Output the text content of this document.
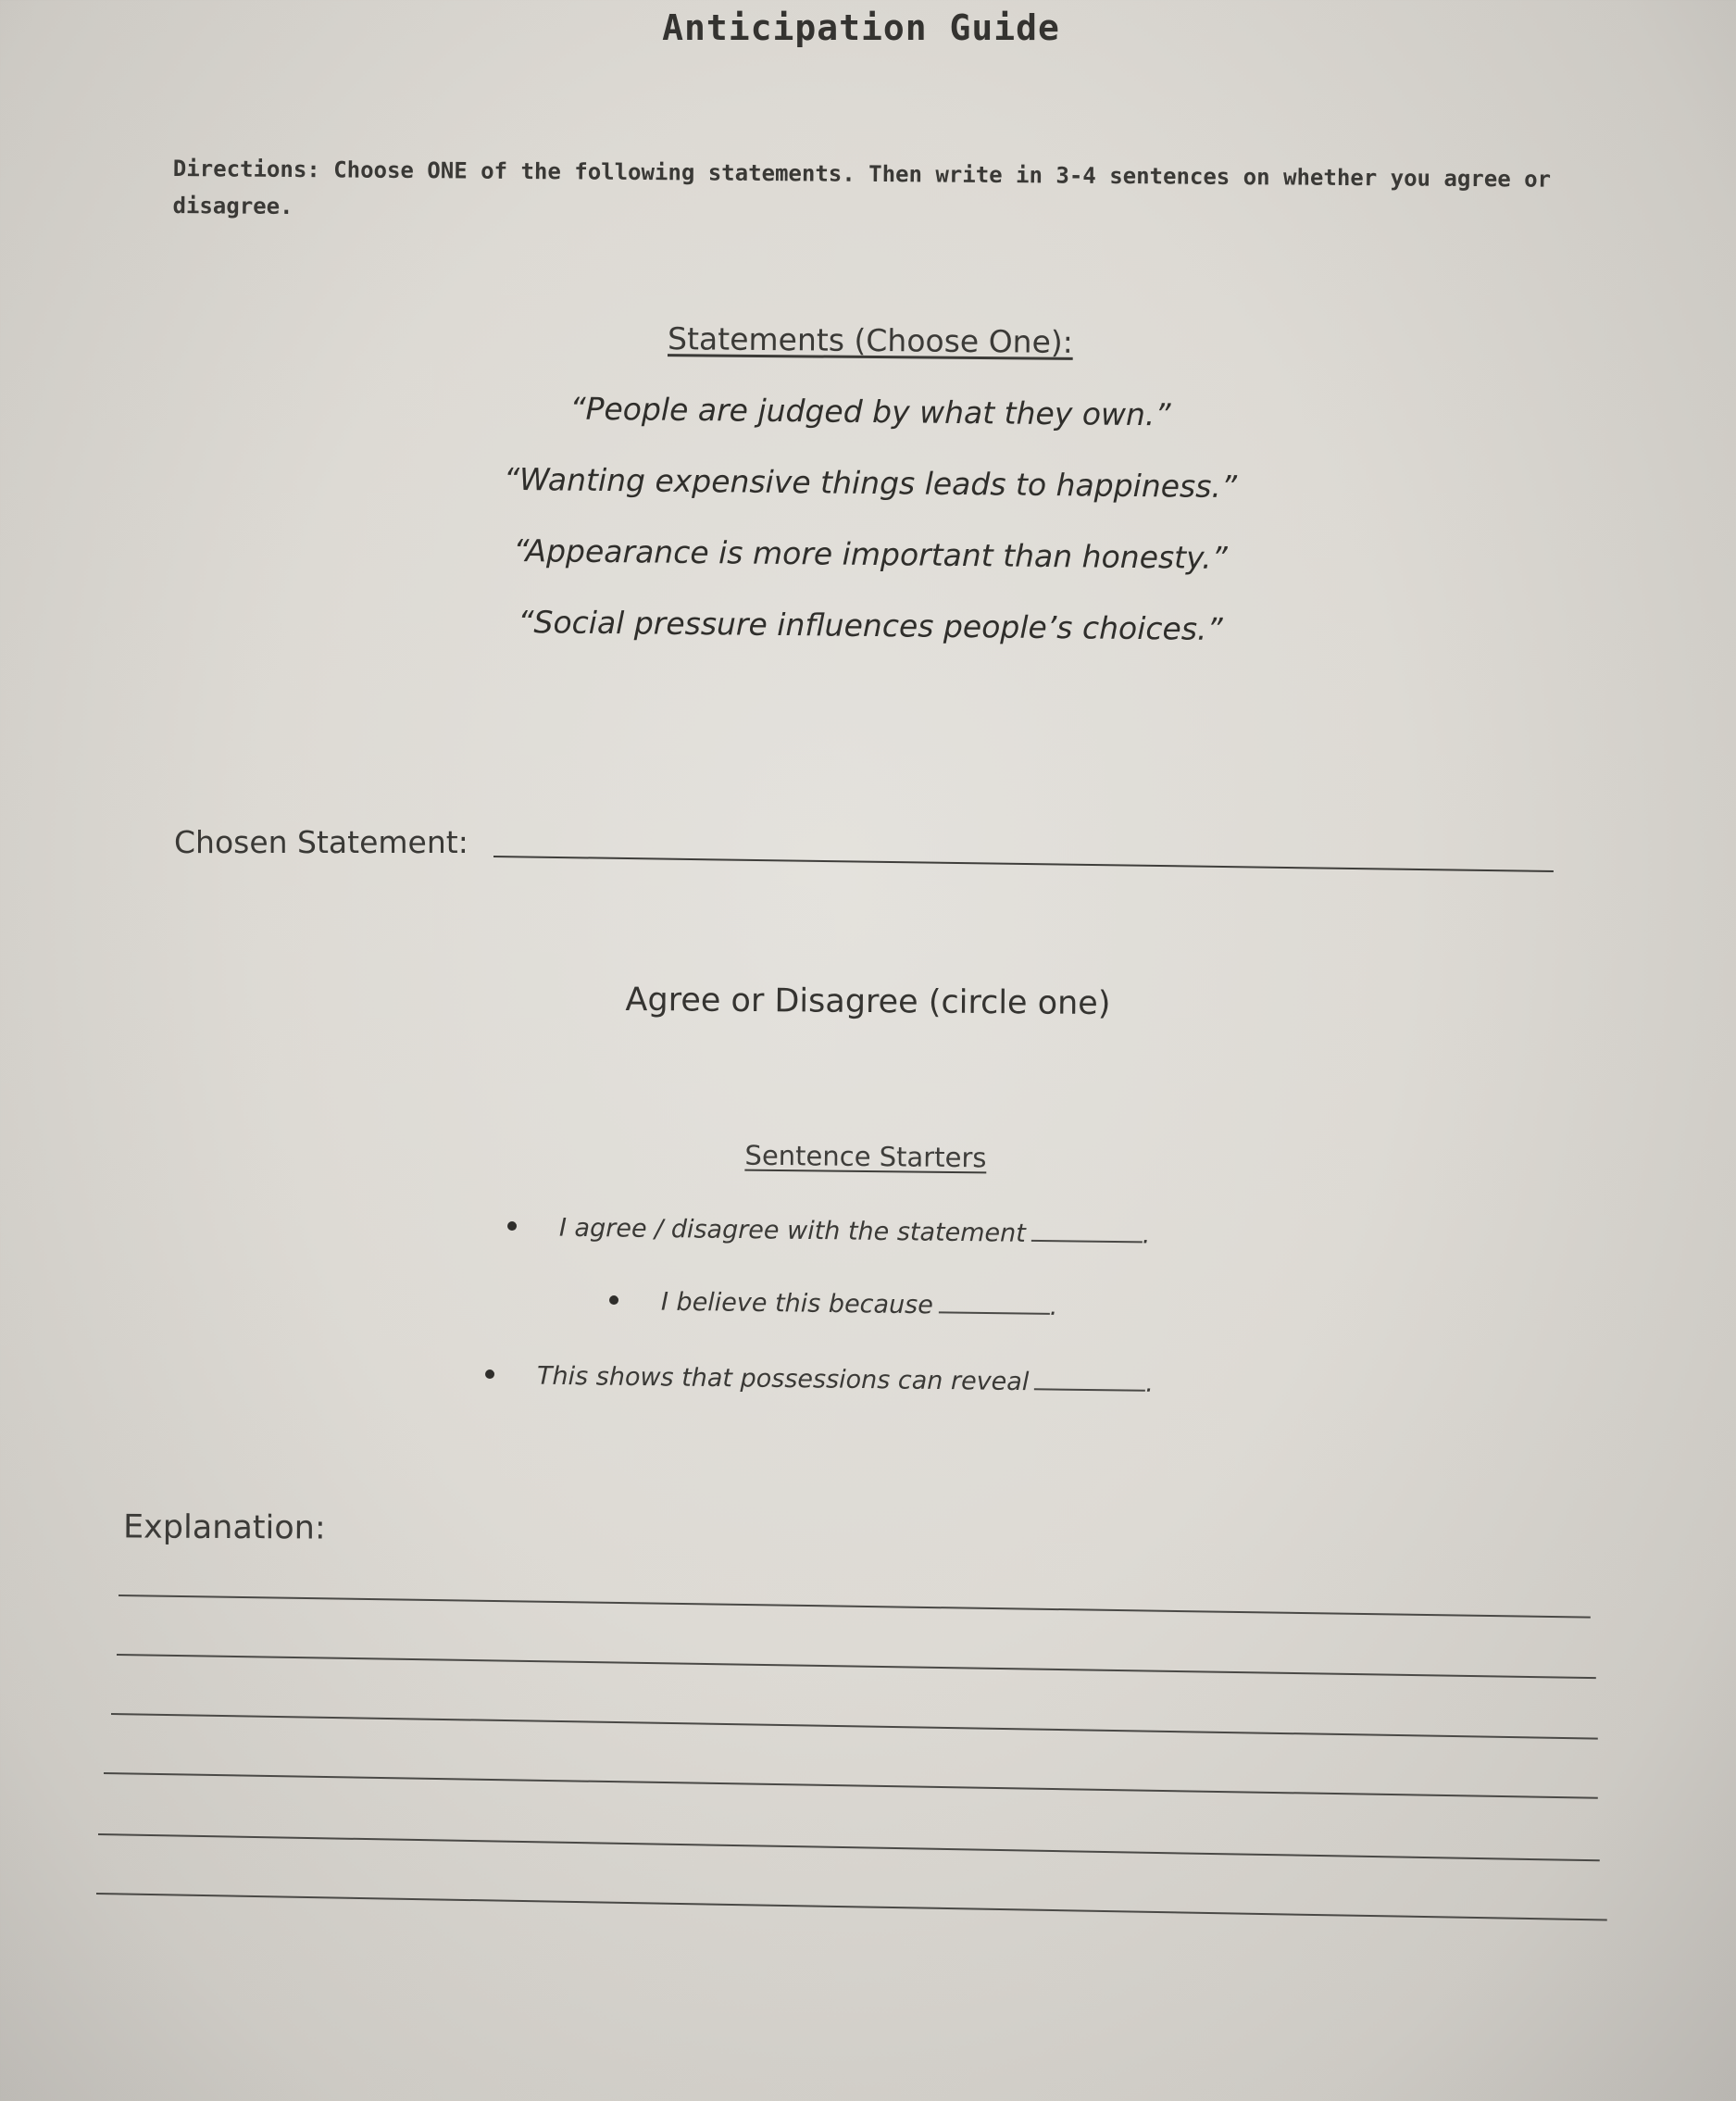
Anticipation Guide
Directions: Choose ONE of the following statements. Then write in 3-4 sentences on whether you agree or disagree.
Statements (Choose One):
“People are judged by what they own.”
“Wanting expensive things leads to happiness.”
“Appearance is more important than honesty.”
“Social pressure influences people’s choices.”
Chosen Statement:
Agree or Disagree (circle one)
Sentence Starters
I agree / disagree with the statement	.
I believe this because	.
This shows that possessions can reveal	.
Explanation:
